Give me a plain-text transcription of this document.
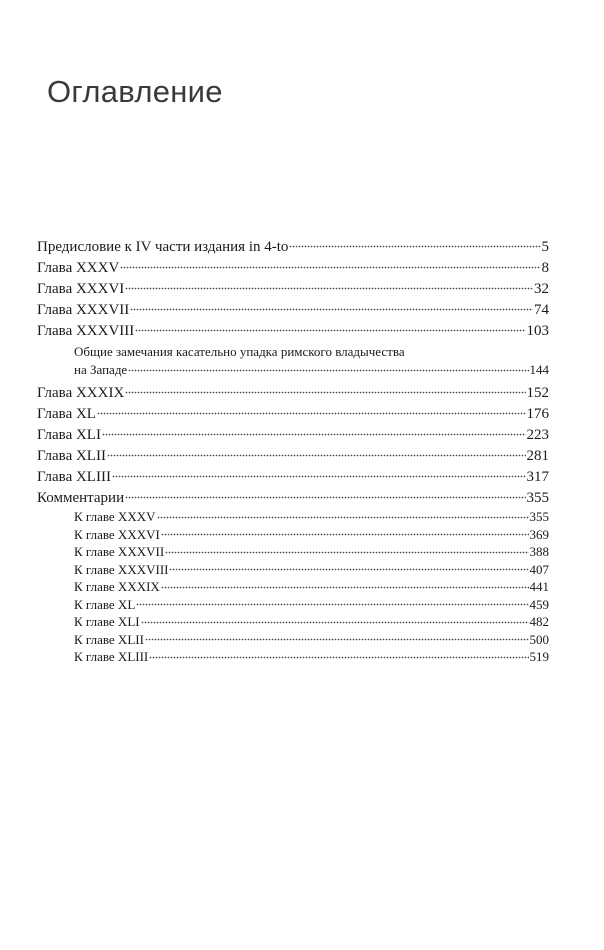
Оглавление
Предисловие к IV части издания in 4-to	5
Глава XXXV	8
Глава XXXVI	32
Глава XXXVII	74
Глава XXXVIII	103
Общие замечания касательно упадка римского владычества
на Западе	144
Глава XXXIX	152
Глава XL	176
Глава XLI	223
Глава XLII	281
Глава XLIII	317
Комментарии	355
К главе XXXV	355
К главе XXXVI	369
К главе XXXVII	388
К главе XXXVIII	407
К главе XXXIX	441
К главе XL	459
К главе XLI	482
К главе XLII	500
К главе XLIII	519
